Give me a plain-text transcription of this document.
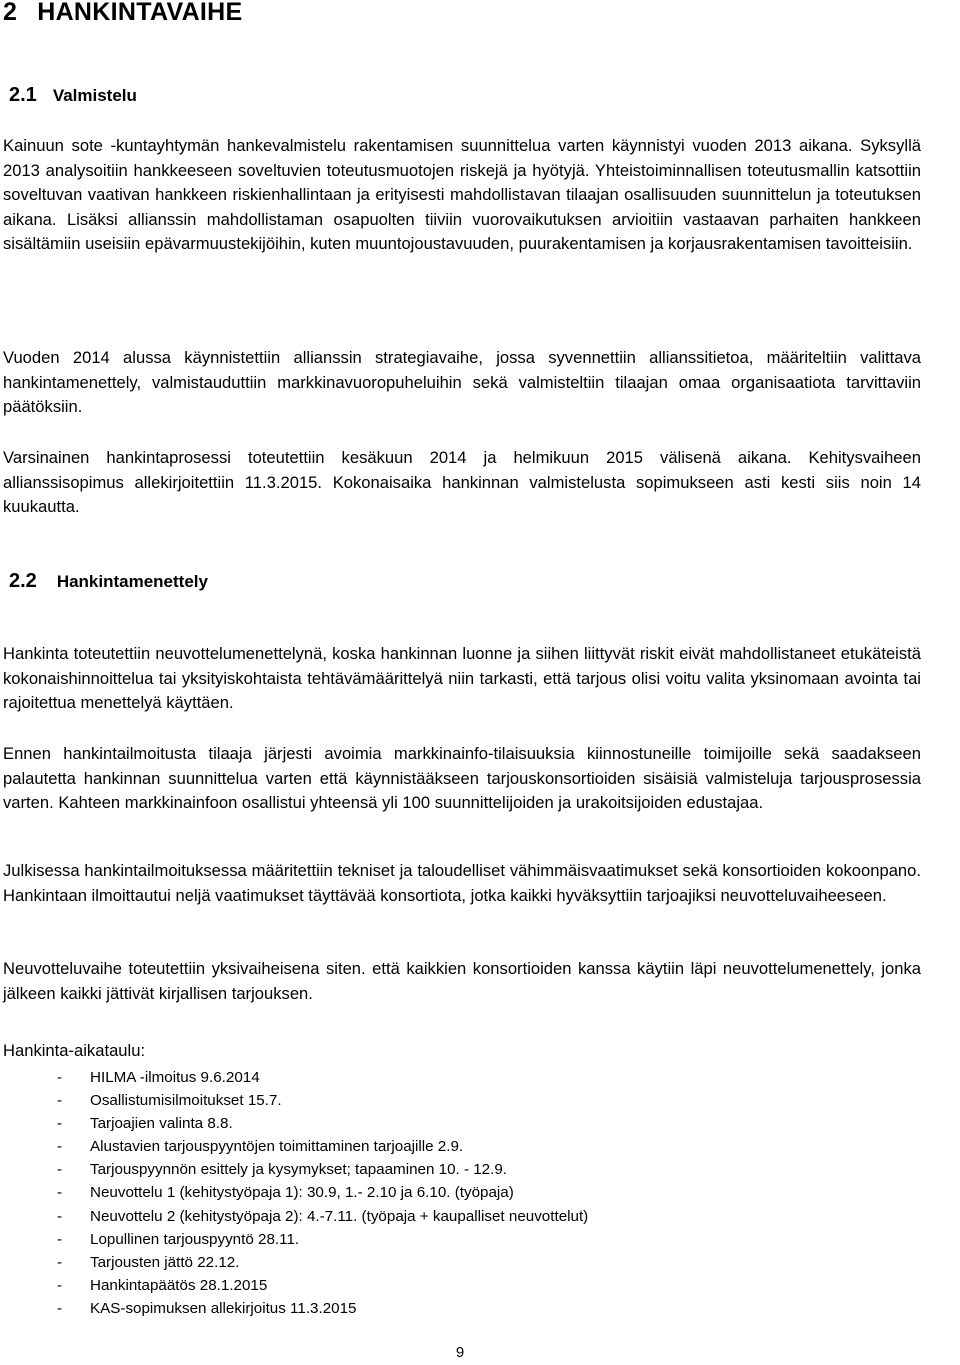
2 HANKINTAVAIHE
2.1 Valmistelu

Kainuun sote -kuntayhtymän hankevalmistelu rakentamisen suunnittelua varten käynnistyi vuoden 2013 aikana. Syksyllä 2013 analysoitiin hankkeeseen soveltuvien toteutusmuotojen riskejä ja hyötyjä. Yhteistoiminnallisen toteutusmallin katsottiin soveltuvan vaativan hankkeen riskienhallintaan ja erityisesti mahdollistavan tilaajan osallisuuden suunnittelun ja toteutuksen aikana. Lisäksi allianssin mahdollistaman osapuolten tiiviin vuorovaikutuksen arvioitiin vastaavan parhaiten hankkeen sisältämiin useisiin epävarmuustekijöihin, kuten muuntojoustavuuden, puurakentamisen ja korjausrakentamisen tavoitteisiin.

Vuoden 2014 alussa käynnistettiin allianssin strategiavaihe, jossa syvennettiin allianssitietoa, määriteltiin valittava hankintamenettely, valmistauduttiin markkinavuoropuheluihin sekä valmisteltiin tilaajan omaa organisaatiota tarvittaviin päätöksiin.

Varsinainen hankintaprosessi toteutettiin kesäkuun 2014 ja helmikuun 2015 välisenä aikana. Kehitysvaiheen allianssisopimus allekirjoitettiin 11.3.2015. Kokonaisaika hankinnan valmistelusta sopimukseen asti kesti siis noin 14 kuukautta.

2.2 Hankintamenettely

Hankinta toteutettiin neuvottelumenettelynä, koska hankinnan luonne ja siihen liittyvät riskit eivät mahdollistaneet etukäteistä kokonaishinnoittelua tai yksityiskohtaista tehtävämäärittelyä niin tarkasti, että tarjous olisi voitu valita yksinomaan avointa tai rajoitettua menettelyä käyttäen.

Ennen hankintailmoitusta tilaaja järjesti avoimia markkinainfo-tilaisuuksia kiinnostuneille toimijoille sekä saadakseen palautetta hankinnan suunnittelua varten että käynnistääkseen tarjouskonsortioiden sisäisiä valmisteluja tarjousprosessia varten. Kahteen markkinainfoon osallistui yhteensä yli 100 suunnittelijoiden ja urakoitsijoiden edustajaa.

Julkisessa hankintailmoituksessa määritettiin tekniset ja taloudelliset vähimmäisvaatimukset sekä konsortioiden kokoonpano. Hankintaan ilmoittautui neljä vaatimukset täyttävää konsortiota, jotka kaikki hyväksyttiin tarjoajiksi neuvotteluvaiheeseen.

Neuvotteluvaihe toteutettiin yksivaiheisena siten. että kaikkien konsortioiden kanssa käytiin läpi neuvottelumenettely, jonka jälkeen kaikki jättivät kirjallisen tarjouksen.

Hankinta-aikataulu:

- HILMA -ilmoitus 9.6.2014
- Osallistumisilmoitukset 15.7.
- Tarjoajien valinta 8.8.
- Alustavien tarjouspyyntöjen toimittaminen tarjoajille 2.9.
- Tarjouspyynnön esittely ja kysymykset; tapaaminen 10. - 12.9.
- Neuvottelu 1 (kehitystyöpaja 1): 30.9, 1.- 2.10 ja 6.10. (työpaja)
- Neuvottelu 2 (kehitystyöpaja 2): 4.-7.11. (työpaja + kaupalliset neuvottelut)
- Lopullinen tarjouspyyntö 28.11.
- Tarjousten jättö 22.12.
- Hankintapäätös 28.1.2015
- KAS-sopimuksen allekirjoitus 11.3.2015

9
